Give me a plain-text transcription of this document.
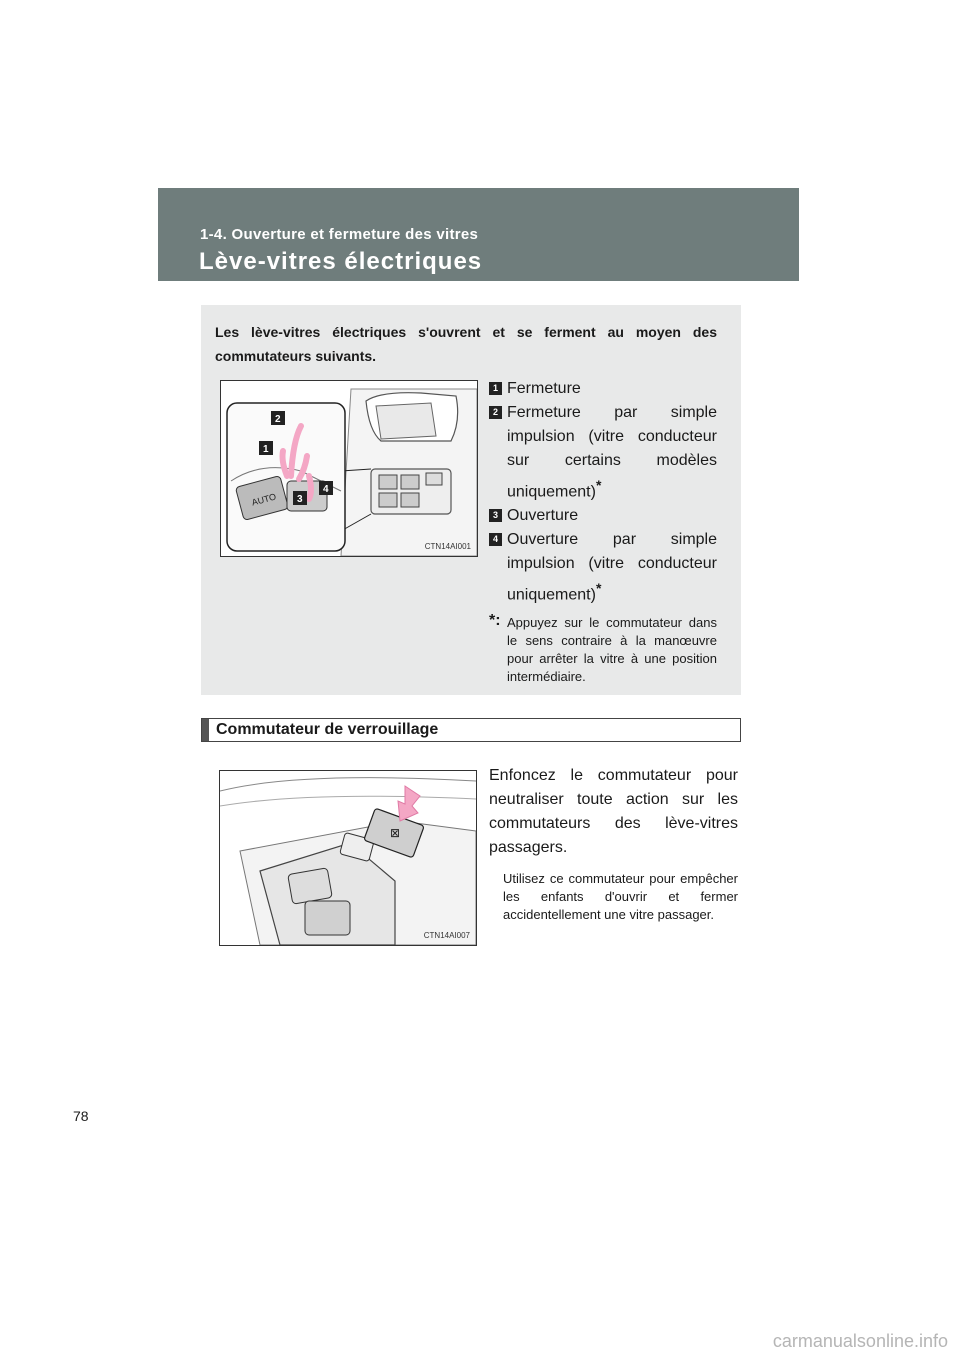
1-4. Ouverture et fermeture des vitres
Lève-vitres électriques
Les lève-vitres électriques s'ouvrent et se ferment au moyen des commutateurs suivants.
AUTO
2
1
3
4
CTN14AI001
1 Fermeture
2 Fermeture par simple impulsion (vitre conducteur sur certains modèles uniquement)*
3 Ouverture
4 Ouverture par simple impulsion (vitre conducteur uniquement)*
*: Appuyez sur le commutateur dans le sens contraire à la manœuvre pour arrêter la vitre à une position intermédiaire.
Commutateur de verrouillage
⊠
CTN14AI007
Enfoncez le commutateur pour neutraliser toute action sur les commutateurs des lève-vitres passagers.
Utilisez ce commutateur pour empêcher les enfants d'ouvrir et fermer accidentellement une vitre passager.
78
carmanualsonline.info
